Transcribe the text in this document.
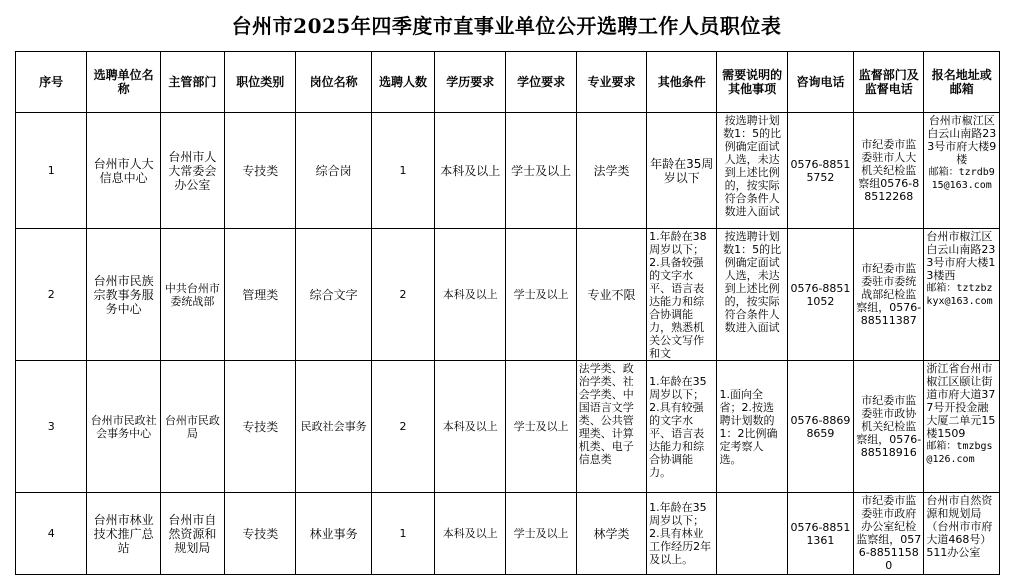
台州市2025年四季度市直事业单位公开选聘工作人员职位表
序号	选聘单位名称	主管部门	职位类别	岗位名称	选聘人数	学历要求	学位要求	专业要求	其他条件	需要说明的其他事项	咨询电话	监督部门及监督电话	报名地址或邮箱

1	台州市人大信息中心	台州市人大常委会办公室	专技类	综合岗	1	本科及以上	学士及以上	法学类	年龄在35周岁以下	按选聘计划数1：5的比例确定面试人选，未达到上述比例的，按实际符合条件人数进入面试	0576-88515752	市纪委市监委驻市人大机关纪检监察组0576-88512268	台州市椒江区白云山南路233号市府大楼9楼
邮箱：tzrdb915@163.com

2	台州市民族宗教事务服务中心	中共台州市委统战部	管理类	综合文字	2	本科及以上	学士及以上	专业不限	1.年龄在38周岁以下；2.具备较强的文字水平、语言表达能力和综合协调能力，熟悉机关公文写作和文	按选聘计划数1：5的比例确定面试人选，未达到上述比例的，按实际符合条件人数进入面试	0576-88511052	市纪委市监委驻市委统战部纪检监察组，0576-88511387	台州市椒江区白云山南路233号市府大楼13楼西
邮箱：tztzbzkyx@163.com

3	台州市民政社会事务中心	台州市民政局	专技类	民政社会事务	2	本科及以上	学士及以上	法学类、政治学类、社会学类、中国语言文学类、公共管理类、计算机类、电子信息类	1.年龄在35周岁以下；2.具有较强的文字水平、语言表达能力和综合协调能力。	1.面向全省；2.按选聘计划数的1：2比例确定考察人选。	0576-88698659	市纪委市监委驻市政协机关纪检监察组，0576-88518916	浙江省台州市椒江区颐让街道市府大道377号开投金融大厦二单元15楼1509
邮箱：tmzbgs@126.com

4	台州市林业技术推广总站	台州市自然资源和规划局	专技类	林业事务	1	本科及以上	学士及以上	林学类	1.年龄在35周岁以下；2.具有林业工作经历2年及以上。		0576-88511361	市纪委市监委驻市政府办公室纪检监察组，0576-88511580	台州市自然资源和规划局（台州市市府大道468号）511办公室
